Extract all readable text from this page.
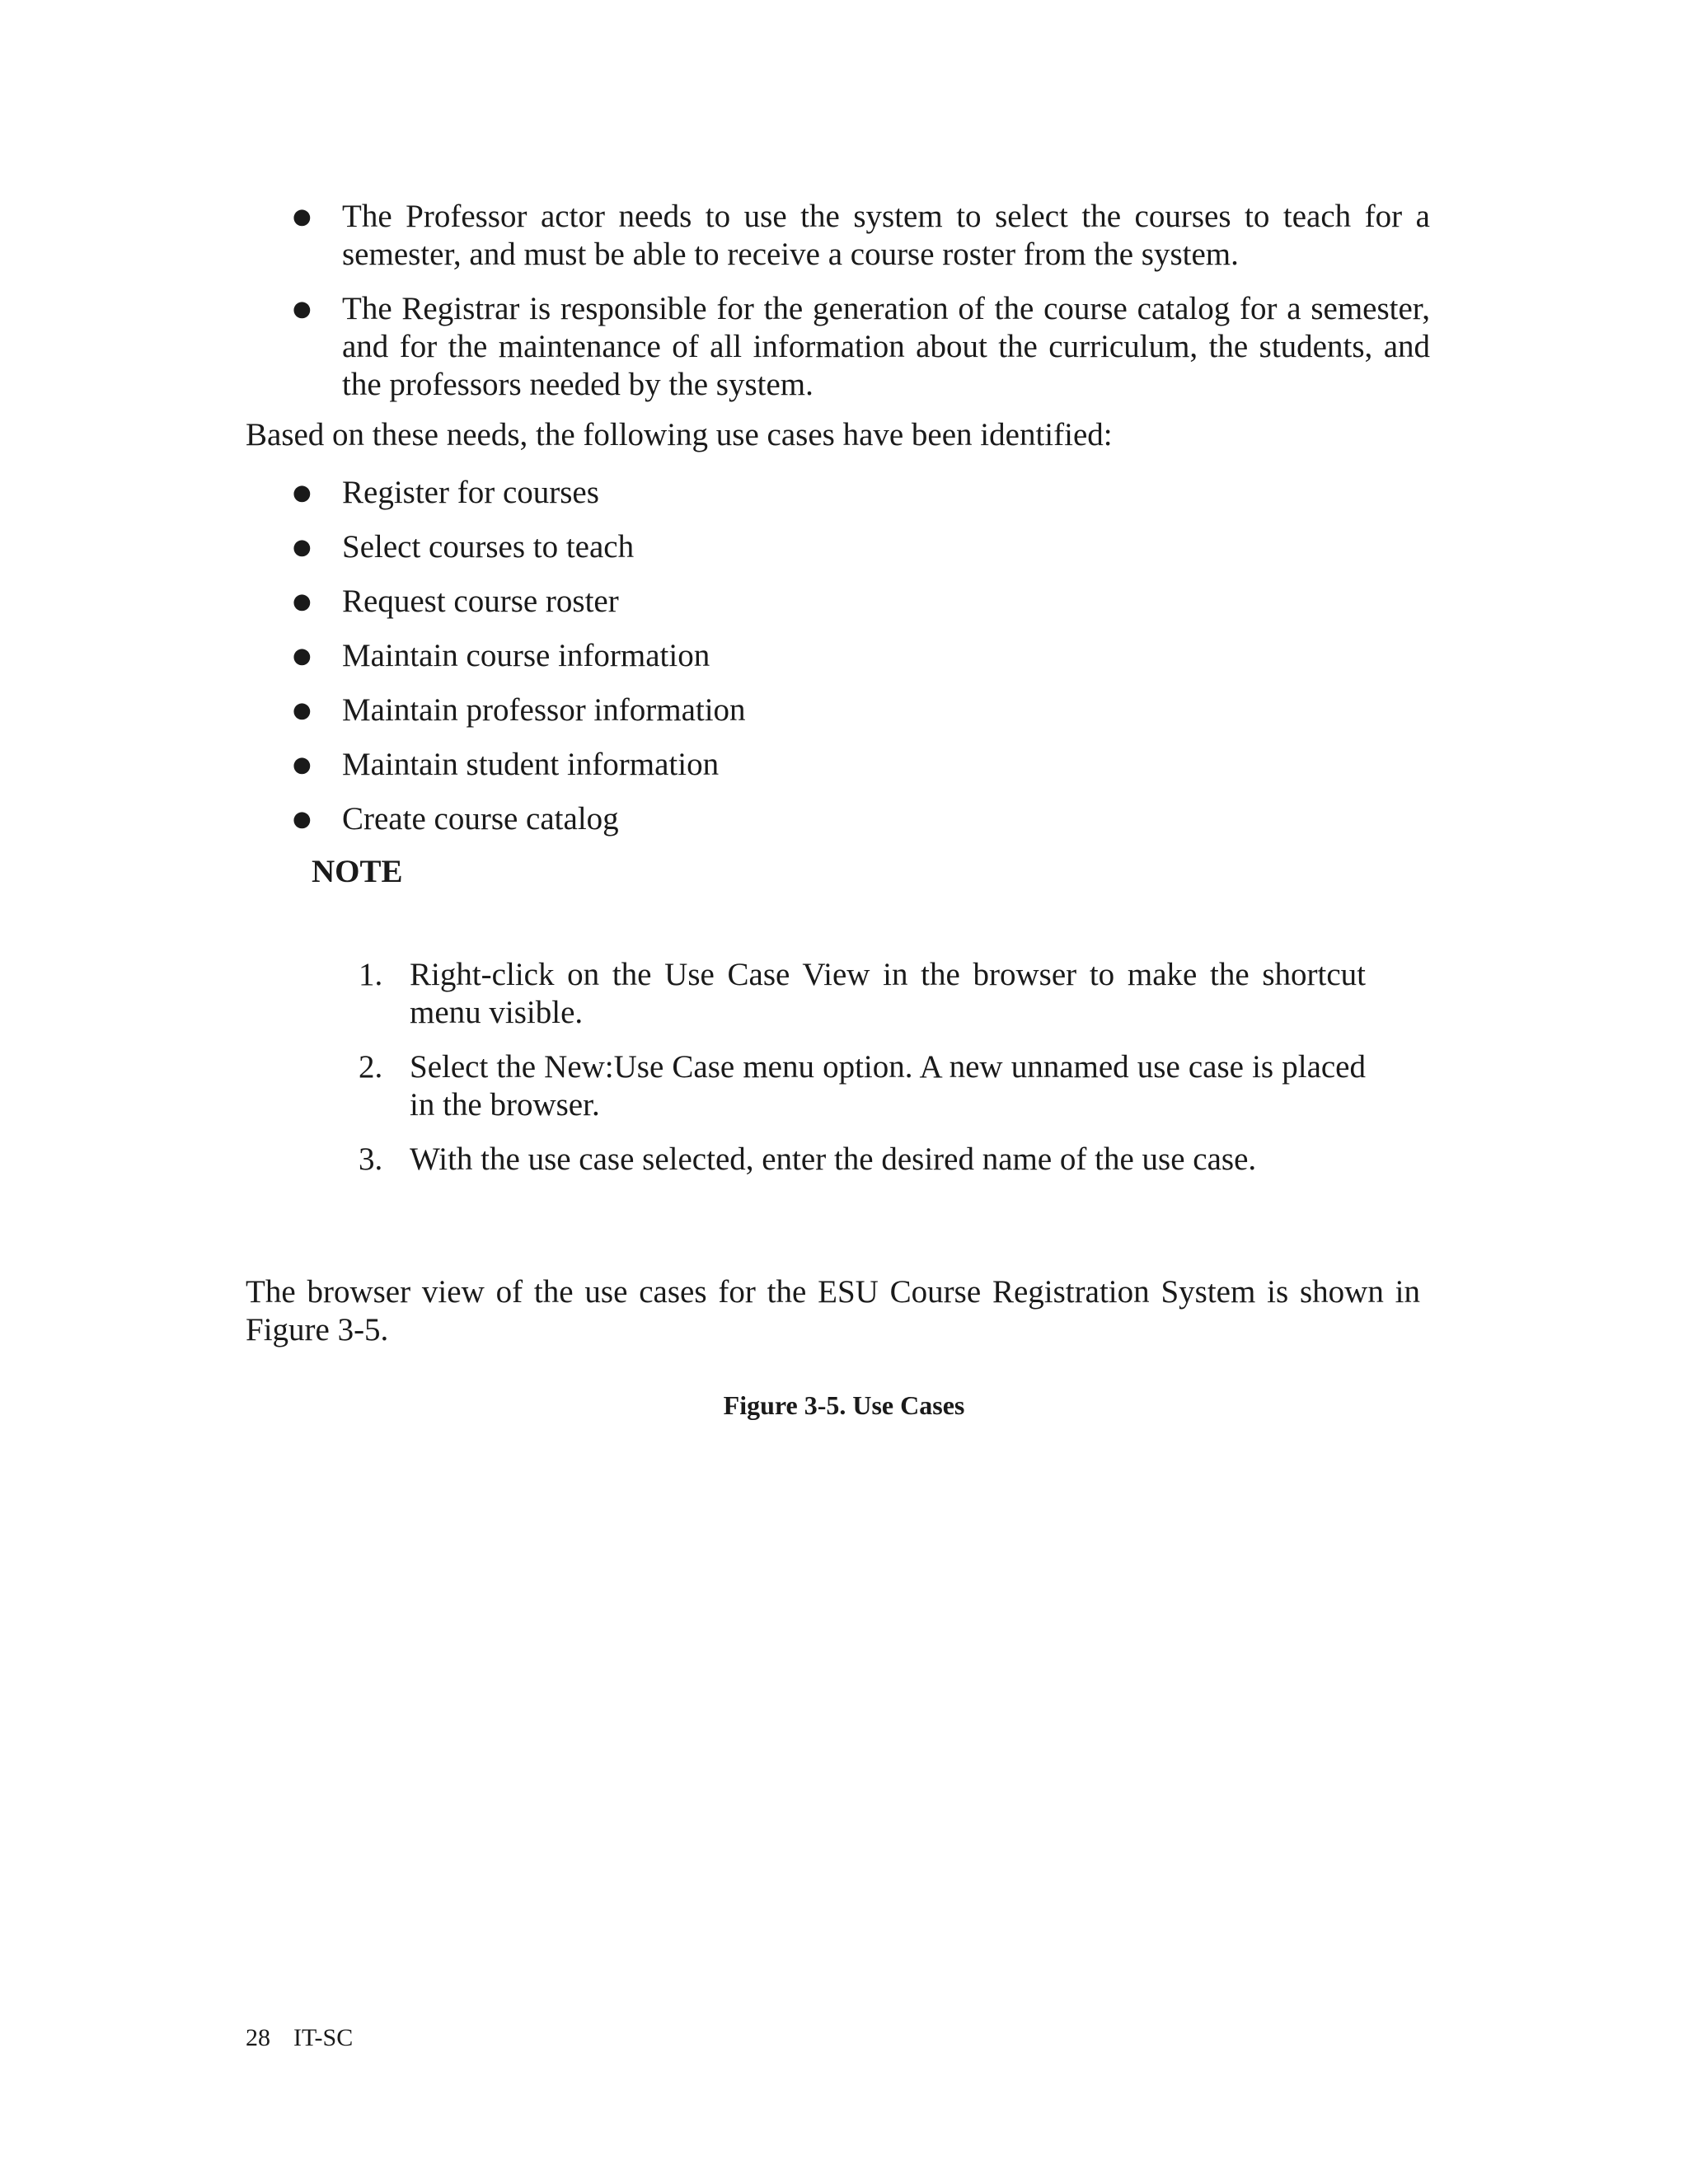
● The Professor actor needs to use the system to select the courses to teach for a semester, and must be able to receive a course roster from the system.
● The Registrar is responsible for the generation of the course catalog for a semester, and for the maintenance of all information about the curriculum, the students, and the professors needed by the system.

Based on these needs, the following use cases have been identified:

● Register for courses
● Select courses to teach
● Request course roster
● Maintain course information
● Maintain professor information
● Maintain student information
● Create course catalog

NOTE

1. Right-click on the Use Case View in the browser to make the shortcut menu visible.
2. Select the New:Use Case menu option. A new unnamed use case is placed in the browser.
3. With the use case selected, enter the desired name of the use case.

The browser view of the use cases for the ESU Course Registration System is shown in Figure 3-5.

Figure 3-5. Use Cases

28 IT-SC
